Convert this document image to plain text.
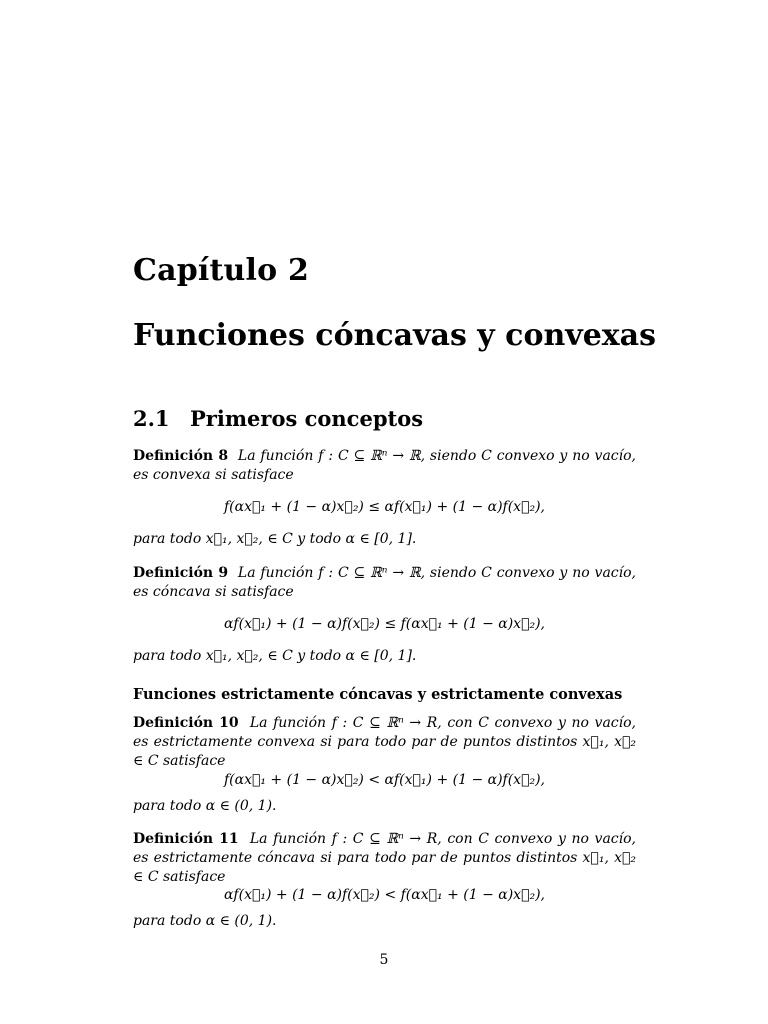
Capítulo 2
Funciones cóncavas y convexas
2.1 Primeros conceptos
Definición 8 La función f : C ⊆ ℝⁿ → ℝ, siendo C convexo y no vacío, es convexa si satisface
f(αx⃗₁ + (1 − α)x⃗₂) ≤ αf(x⃗₁) + (1 − α)f(x⃗₂),
para todo x⃗₁, x⃗₂, ∈ C y todo α ∈ [0, 1].
Definición 9 La función f : C ⊆ ℝⁿ → ℝ, siendo C convexo y no vacío, es cóncava si satisface
αf(x⃗₁) + (1 − α)f(x⃗₂) ≤ f(αx⃗₁ + (1 − α)x⃗₂),
para todo x⃗₁, x⃗₂, ∈ C y todo α ∈ [0, 1].
Funciones estrictamente cóncavas y estrictamente convexas
Definición 10 La función f : C ⊆ ℝⁿ → R, con C convexo y no vacío, es estrictamente convexa si para todo par de puntos distintos x⃗₁, x⃗₂ ∈ C satisface
f(αx⃗₁ + (1 − α)x⃗₂) < αf(x⃗₁) + (1 − α)f(x⃗₂),
para todo α ∈ (0, 1).
Definición 11 La función f : C ⊆ ℝⁿ → R, con C convexo y no vacío, es estrictamente cóncava si para todo par de puntos distintos x⃗₁, x⃗₂ ∈ C satisface
αf(x⃗₁) + (1 − α)f(x⃗₂) < f(αx⃗₁ + (1 − α)x⃗₂),
para todo α ∈ (0, 1).
5
